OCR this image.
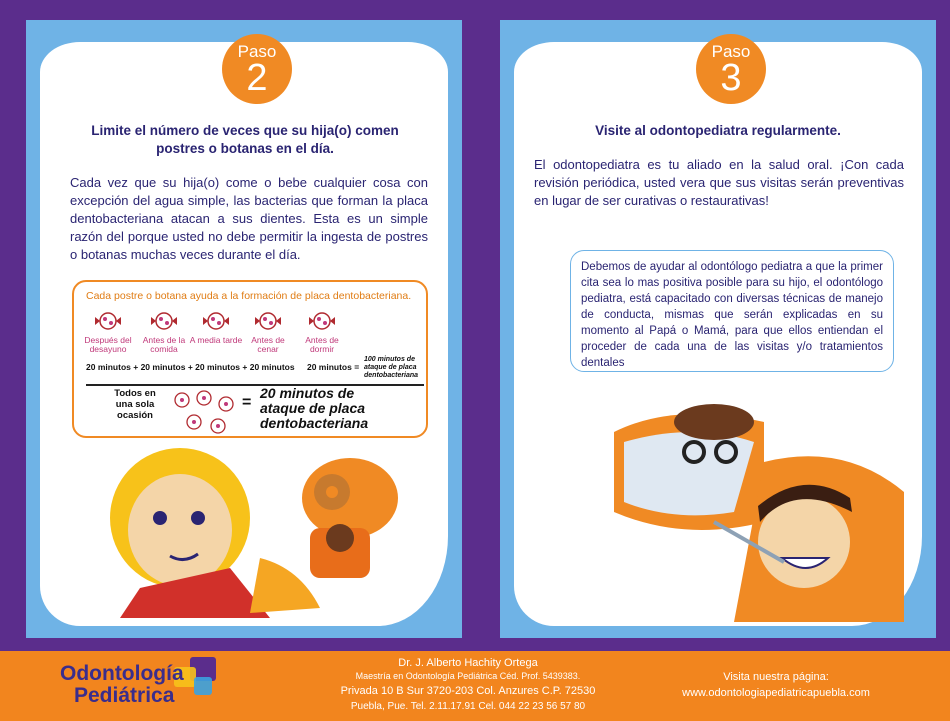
Paso
2
Limite el número de veces que su hija(o) comen postres o botanas en el día.
Cada vez que su hija(o) come o bebe cualquier cosa con excepción del agua simple, las bacterias que forman la placa dentobacteriana atacan a sus dientes. Esta es un simple razón del porque usted no debe permitir la ingesta de postres o botanas muchas veces durante el día.
Cada postre o botana ayuda a la formación de placa dentobacteriana.
Después del desayuno
Antes de la comida
A media tarde	Antes de cenar
Antes de dormir
20 minutos + 20 minutos + 20 minutos + 20 minutos 20 minutos =
100 minutos de ataque de placa dentobacteriana
Todos en una sola ocasión
=
20 minutos de ataque de placa dentobacteriana
Paso
3
Visite al odontopediatra regularmente.
El odontopediatra es tu aliado en la salud oral. ¡Con cada revisión periódica, usted vera que sus visitas serán preventivas en lugar de ser curativas o restaurativas!
Debemos de ayudar al odontólogo pediatra a que la primer cita sea lo mas positiva posible para su hijo, el odontólogo pediatra, está capacitado con diversas técnicas de manejo de conducta, mismas que serán explicadas en su momento al Papá o Mamá, para que ellos entiendan el proceder de cada una de las visitas y/o tratamientos dentales
Odontología
Pediátrica
Dr. J. Alberto Hachity Ortega
Maestría en Odontología Pediátrica Céd. Prof. 5439383.
Privada 10 B Sur 3720-203 Col. Anzures C.P. 72530
Puebla, Pue. Tel. 2.11.17.91 Cel. 044 22 23 56 57 80
Visita nuestra página:
www.odontologiapediatricapuebla.com
